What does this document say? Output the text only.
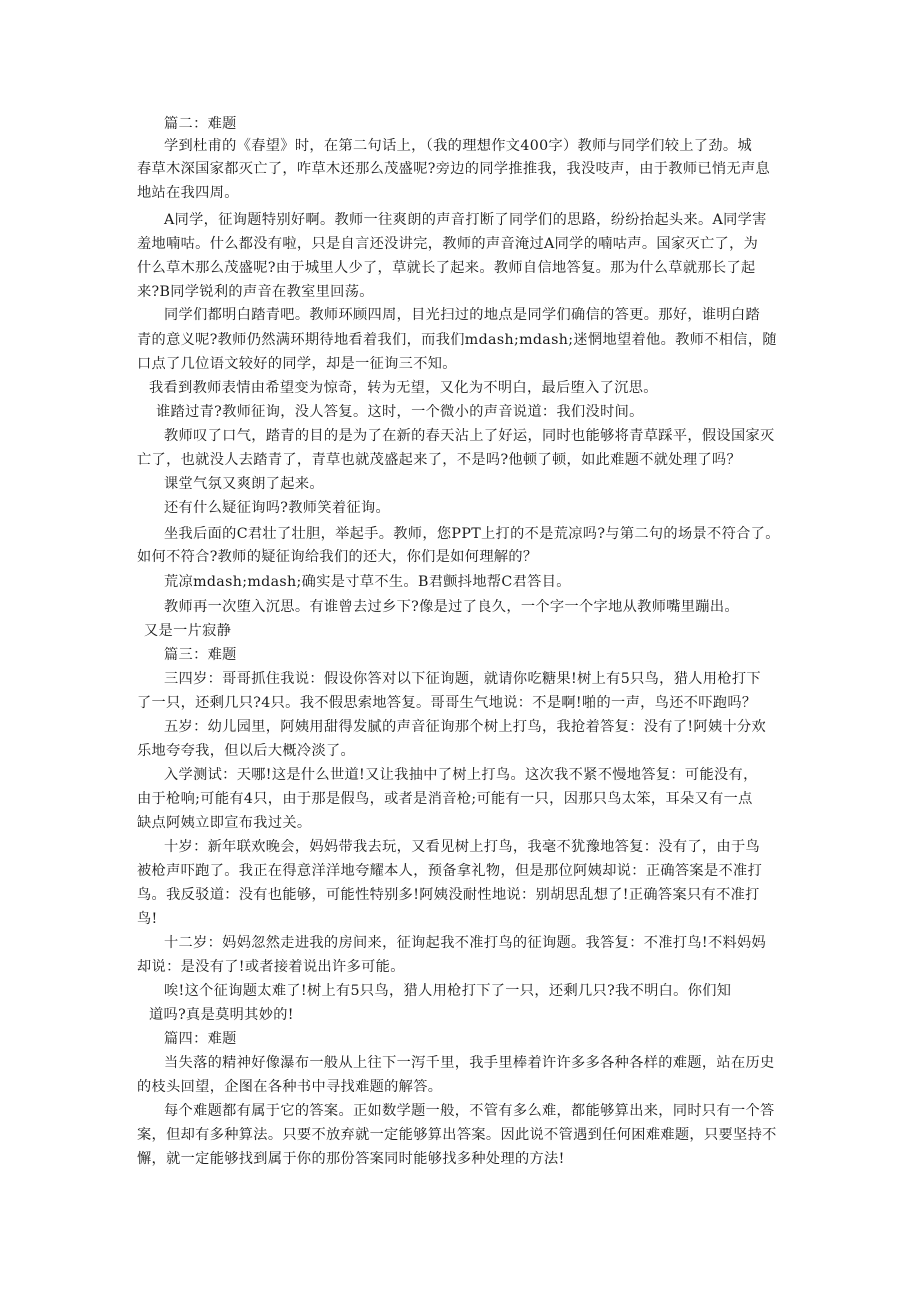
篇二：难题

学到杜甫的《春望》时，在第二句话上，（我的理想作文400字）教师与同学们较上了劲。城

春草木深国家都灭亡了，咋草木还那么茂盛呢?旁边的同学推推我，我没吱声，由于教师已悄无声息

地站在我四周。

A同学，征询题特别好啊。教师一往爽朗的声音打断了同学们的思路，纷纷抬起头来。A同学害

羞地喃咕。什么都没有啦，只是自言还没讲完，教师的声音淹过A同学的喃咕声。国家灭亡了，为

什么草木那么茂盛呢?由于城里人少了，草就长了起来。教师自信地答复。那为什么草就那长了起

来?B同学锐利的声音在教室里回荡。

同学们都明白踏青吧。教师环顾四周，目光扫过的地点是同学们确信的答更。那好，谁明白踏

青的意义呢?教师仍然满环期待地看着我们，而我们mdash;mdash;迷惘地望着他。教师不相信，随

口点了几位语文较好的同学，却是一征询三不知。

我看到教师表情由希望变为惊奇，转为无望，又化为不明白，最后堕入了沉思。

谁踏过青?教师征询，没人答复。这时，一个微小的声音说道：我们没时间。

教师叹了口气，踏青的目的是为了在新的春天沾上了好运，同时也能够将青草踩平，假设国家灭

亡了，也就没人去踏青了，青草也就茂盛起来了，不是吗?他顿了顿，如此难题不就处理了吗？

课堂气氛又爽朗了起来。

还有什么疑征询吗?教师笑着征询。

坐我后面的C君壮了壮胆，举起手。教师，您PPT上打的不是荒凉吗?与第二句的场景不符合了。

如何不符合?教师的疑征询给我们的还大，你们是如何理解的？

荒凉mdash;mdash;确实是寸草不生。B君颤抖地帮C君答目。

教师再一次堕入沉思。有谁曾去过乡下?像是过了良久，一个字一个字地从教师嘴里蹦出。

又是一片寂静

篇三：难题

三四岁：哥哥抓住我说：假设你答对以下征询题，就请你吃糖果!树上有5只鸟，猎人用枪打下

了一只，还剩几只?4只。我不假思索地答复。哥哥生气地说：不是啊!啪的一声，鸟还不吓跑吗？

五岁：幼儿园里，阿姨用甜得发腻的声音征询那个树上打鸟，我抢着答复：没有了!阿姨十分欢

乐地夸夸我，但以后大概冷淡了。

入学测试：天哪!这是什么世道!又让我抽中了树上打鸟。这次我不紧不慢地答复：可能没有，

由于枪响;可能有4只，由于那是假鸟，或者是消音枪;可能有一只，因那只鸟太笨，耳朵又有一点

缺点阿姨立即宣布我过关。

十岁：新年联欢晚会，妈妈带我去玩，又看见树上打鸟，我毫不犹豫地答复：没有了，由于鸟

被枪声吓跑了。我正在得意洋洋地夸耀本人，预备拿礼物，但是那位阿姨却说：正确答案是不准打

鸟。我反驳道：没有也能够，可能性特别多!阿姨没耐性地说：别胡思乱想了!正确答案只有不准打

鸟!

十二岁：妈妈忽然走进我的房间来，征询起我不准打鸟的征询题。我答复：不准打鸟!不料妈妈

却说：是没有了!或者接着说出许多可能。

唉!这个征询题太难了!树上有5只鸟，猎人用枪打下了一只，还剩几只?我不明白。你们知

道吗?真是莫明其妙的!

篇四：难题

当失落的精神好像瀑布一般从上往下一泻千里，我手里棒着许许多多各种各样的难题，站在历史

的枝头回望，企图在各种书中寻找难题的解答。

每个难题都有属于它的答案。正如数学题一般，不管有多么难，都能够算出来，同时只有一个答

案，但却有多种算法。只要不放弃就一定能够算出答案。因此说不管遇到任何困难难题，只要坚持不

懈，就一定能够找到属于你的那份答案同时能够找多种处理的方法!
